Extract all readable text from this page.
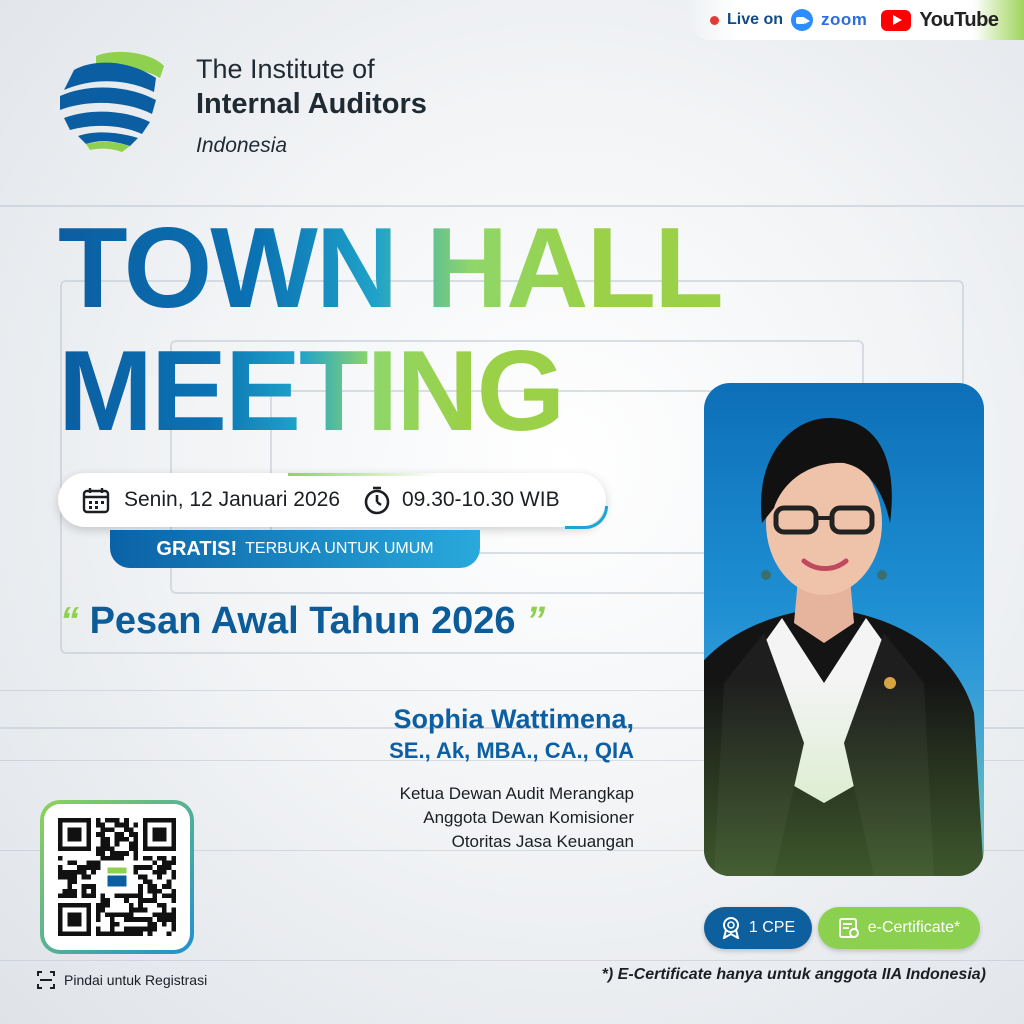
Live on zoom	YouTube
The Institute of
Internal Auditors
Indonesia
TOWN HALL
MEETING
Senin, 12 Januari 2026	09.30-10.30 WIB
GRATIS! TERBUKA UNTUK UMUM
“ Pesan Awal Tahun 2026 ”
Sophia Wattimena,
SE., Ak, MBA., CA., QIA
Ketua Dewan Audit Merangkap
Anggota Dewan Komisioner
Otoritas Jasa Keuangan
Pindai untuk Registrasi
1 CPE	e-Certificate*
*) E-Certificate hanya untuk anggota IIA Indonesia)
